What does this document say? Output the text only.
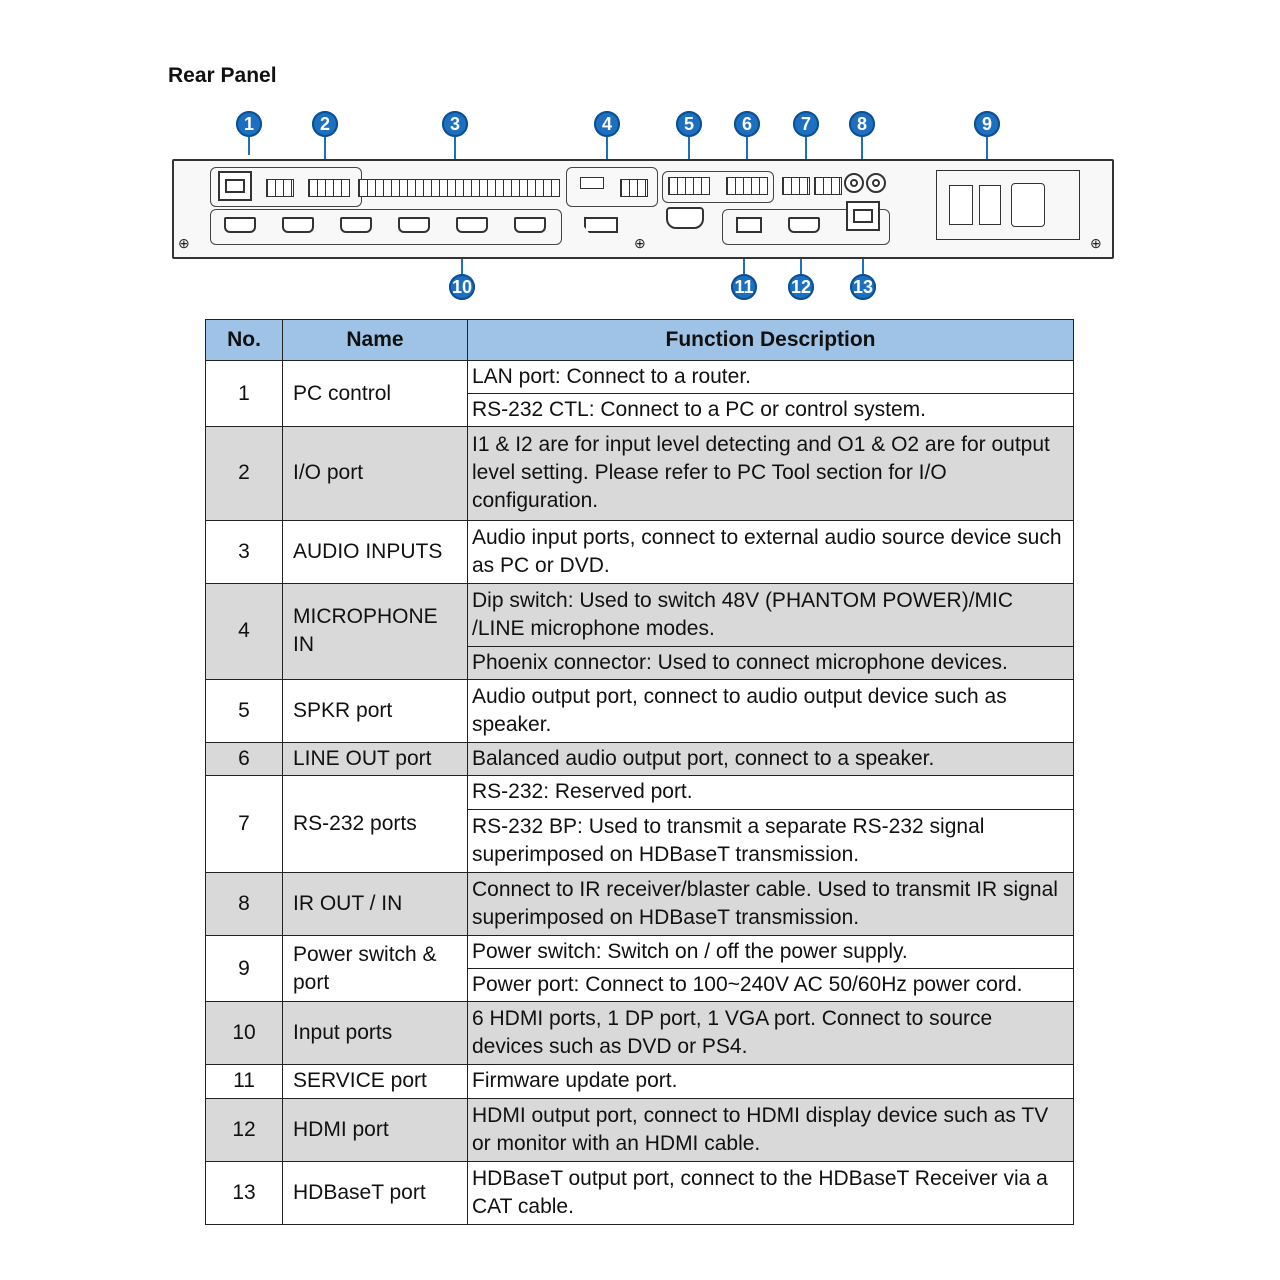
Rear Panel
1	2	3	4	5	6	7	8	9
10	11 12 13
⊕	⊕	⊕
No.	Name	Function Description
1	PC control	LAN port: Connect to a router.
		RS-232 CTL: Connect to a PC or control system.
2	I/O port	I1 & I2 are for input level detecting and O1 & O2 are for output level setting. Please refer to PC Tool section for I/O configuration.
3	AUDIO INPUTS	Audio input ports, connect to external audio source device such as PC or DVD.
4	MICROPHONE IN	Dip switch: Used to switch 48V (PHANTOM POWER)/MIC /LINE microphone modes.
		Phoenix connector: Used to connect microphone devices.
5	SPKR port	Audio output port, connect to audio output device such as speaker.
6	LINE OUT port	Balanced audio output port, connect to a speaker.
7	RS-232 ports	RS-232: Reserved port.
		RS-232 BP: Used to transmit a separate RS-232 signal superimposed on HDBaseT transmission.
8	IR OUT / IN	Connect to IR receiver/blaster cable. Used to transmit IR signal superimposed on HDBaseT transmission.
9	Power switch & port	Power switch: Switch on / off the power supply.
		Power port: Connect to 100~240V AC 50/60Hz power cord.
10	Input ports	6 HDMI ports, 1 DP port, 1 VGA port. Connect to source devices such as DVD or PS4.
11	SERVICE port	Firmware update port.
12	HDMI port	HDMI output port, connect to HDMI display device such as TV or monitor with an HDMI cable.
13	HDBaseT port	HDBaseT output port, connect to the HDBaseT Receiver via a CAT cable.
